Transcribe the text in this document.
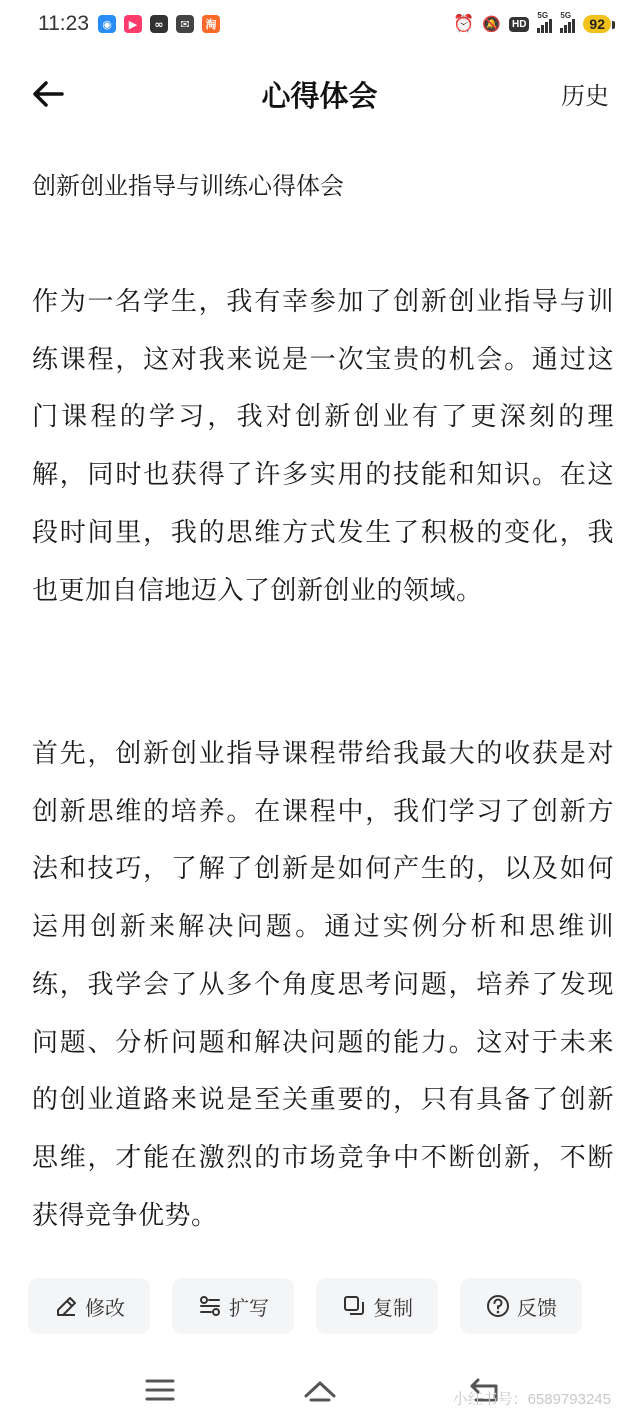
11:23	◉	▶	∞	✉	淘	⏰ 🔕	HD
5G 5G
92
心得体会	历史

创新创业指导与训练心得体会

作为一名学生，我有幸参加了创新创业指导与训练课程，这对我来说是一次宝贵的机会。通过这门课程的学习，我对创新创业有了更深刻的理解，同时也获得了许多实用的技能和知识。在这段时间里，我的思维方式发生了积极的变化，我也更加自信地迈入了创新创业的领域。

首先，创新创业指导课程带给我最大的收获是对创新思维的培养。在课程中，我们学习了创新方法和技巧，了解了创新是如何产生的，以及如何运用创新来解决问题。通过实例分析和思维训练，我学会了从多个角度思考问题，培养了发现问题、分析问题和解决问题的能力。这对于未来的创业道路来说是至关重要的，只有具备了创新思维，才能在激烈的市场竞争中不断创新，不断获得竞争优势。

修改	扩写	复制	反馈
小红书号：6589793245
